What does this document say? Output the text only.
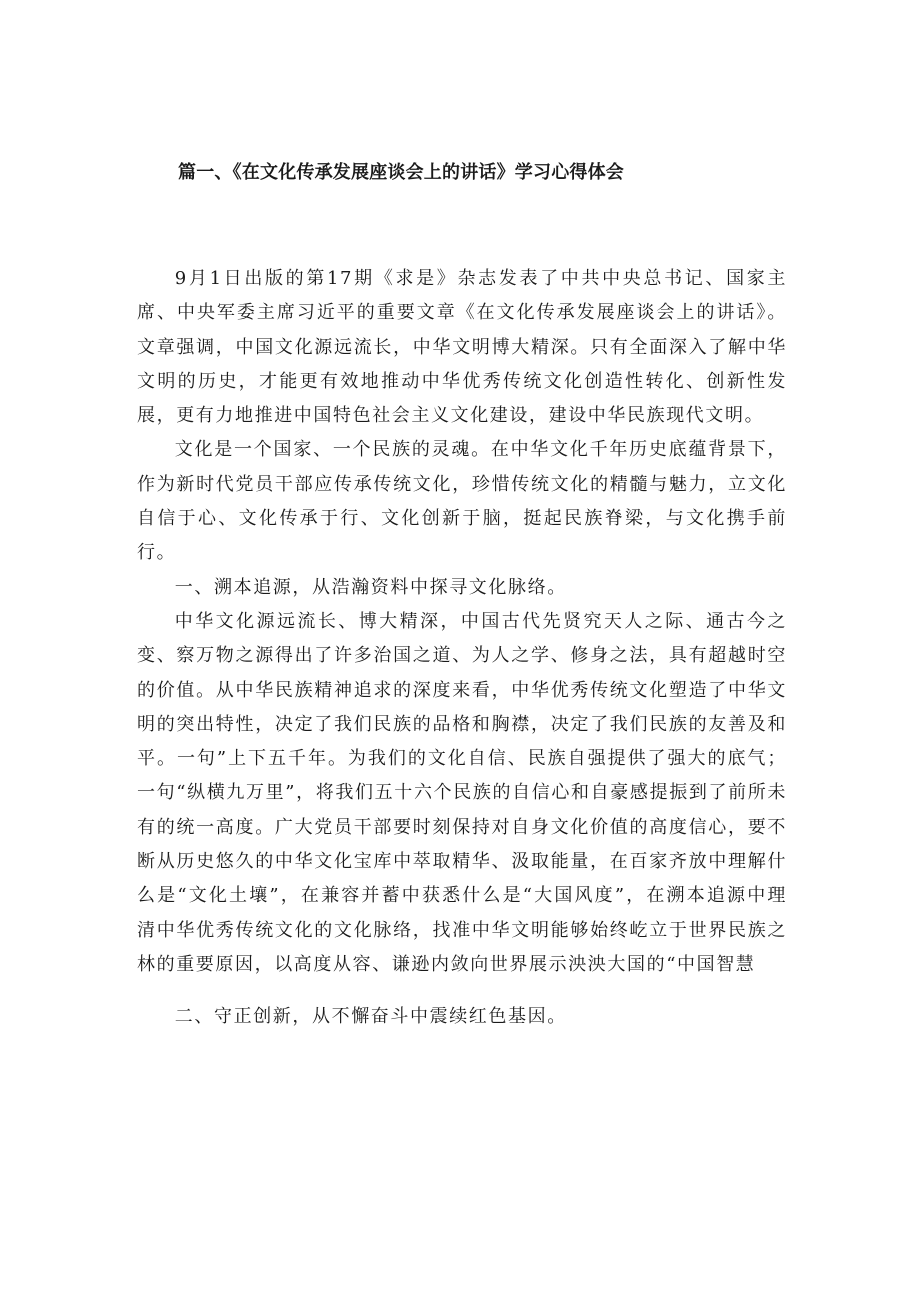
篇一、《在文化传承发展座谈会上的讲话》学习心得体会

9月1日出版的第17期《求是》杂志发表了中共中央总书记、国家主席、中央军委主席习近平的重要文章《在文化传承发展座谈会上的讲话》。文章强调，中国文化源远流长，中华文明博大精深。只有全面深入了解中华文明的历史，才能更有效地推动中华优秀传统文化创造性转化、创新性发展，更有力地推进中国特色社会主义文化建设，建设中华民族现代文明。

文化是一个国家、一个民族的灵魂。在中华文化千年历史底蕴背景下，作为新时代党员干部应传承传统文化，珍惜传统文化的精髓与魅力，立文化自信于心、文化传承于行、文化创新于脑，挺起民族脊梁，与文化携手前行。

一、溯本追源，从浩瀚资料中探寻文化脉络。

中华文化源远流长、博大精深，中国古代先贤究天人之际、通古今之变、察万物之源得出了许多治国之道、为人之学、修身之法，具有超越时空的价值。从中华民族精神追求的深度来看，中华优秀传统文化塑造了中华文明的突出特性，决定了我们民族的品格和胸襟，决定了我们民族的友善及和平。一句”上下五千年。为我们的文化自信、民族自强提供了强大的底气；一句“纵横九万里”，将我们五十六个民族的自信心和自豪感提振到了前所未有的统一高度。广大党员干部要时刻保持对自身文化价值的高度信心，要不断从历史悠久的中华文化宝库中萃取精华、汲取能量，在百家齐放中理解什么是“文化土壤”，在兼容并蓄中获悉什么是“大国风度”，在溯本追源中理清中华优秀传统文化的文化脉络，找准中华文明能够始终屹立于世界民族之林的重要原因，以高度从容、谦逊内敛向世界展示泱泱大国的“中国智慧

二、守正创新，从不懈奋斗中震续红色基因。
